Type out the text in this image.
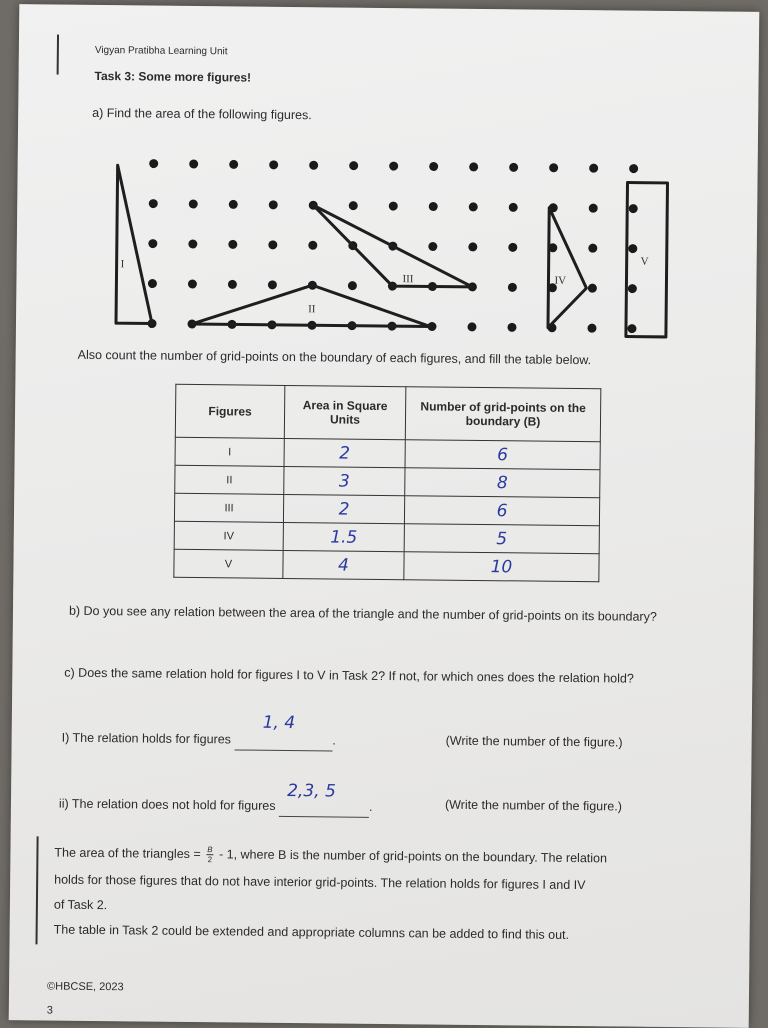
Vigyan Pratibha Learning Unit
Task 3: Some more figures!
a) Find the area of the following figures.
I
II
III	IV
V
Also count the number of grid-points on the boundary of each figures, and fill the table below.
Figures	Area in Square Units	Number of grid-points on the boundary (B)
I	2	6
II	3	8
III	2	6
IV	1.5	5
V	4	10
b) Do you see any relation between the area of the triangle and the number of grid-points on its boundary?
c) Does the same relation hold for figures I to V in Task 2? If not, for which ones does the relation hold?
I) The relation holds for figures
1, 4
.	(Write the number of the figure.)
ii) The relation does not hold for figures
2,3, 5
.	(Write the number of the figure.)
The area of the triangles = $\frac{B}{2} - 1$, where B is the number of grid-points on the boundary. The relation
holds for those figures that do not have interior grid-points. The relation holds for figures I and IV
of Task 2.
The table in Task 2 could be extended and appropriate columns can be added to find this out.
©HBCSE, 2023
3
